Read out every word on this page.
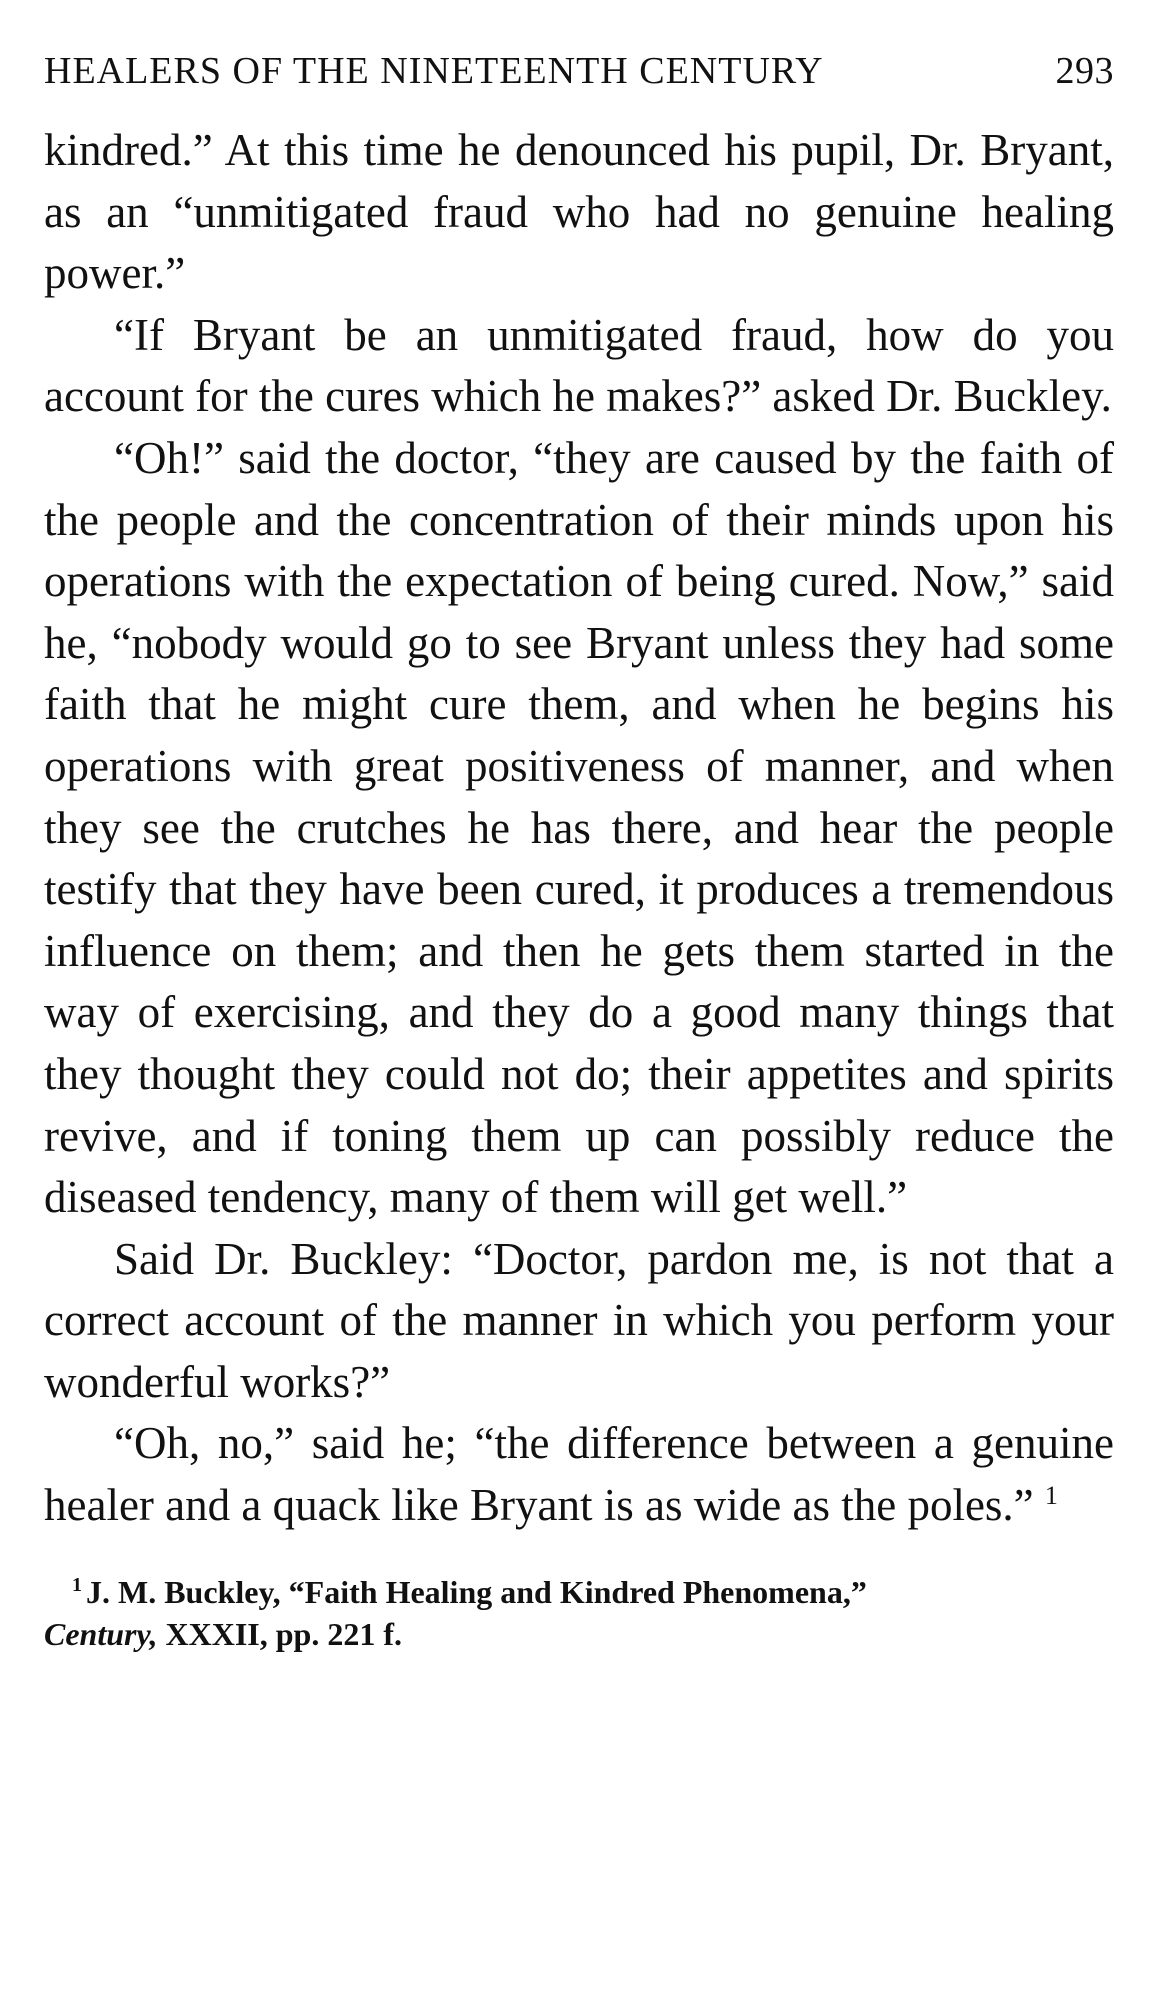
HEALERS OF THE NINETEENTH CENTURY	293

kindred.” At this time he denounced his pupil, Dr. Bryant, as an “unmitigated fraud who had no genuine healing power.”

“If Bryant be an unmitigated fraud, how do you account for the cures which he makes?” asked Dr. Buckley.

“Oh!” said the doctor, “they are caused by the faith of the people and the concentration of their minds upon his operations with the expectation of being cured. Now,” said he, “nobody would go to see Bryant unless they had some faith that he might cure them, and when he begins his operations with great positiveness of manner, and when they see the crutches he has there, and hear the people testify that they have been cured, it produces a tremendous influence on them; and then he gets them started in the way of exercising, and they do a good many things that they thought they could not do; their appetites and spirits revive, and if toning them up can possibly reduce the diseased tendency, many of them will get well.”

Said Dr. Buckley: “Doctor, pardon me, is not that a correct account of the manner in which you perform your wonderful works?”

“Oh, no,” said he; “the difference between a genuine healer and a quack like Bryant is as wide as the poles.” $^1$

$^1$ J. M. Buckley, “Faith Healing and Kindred Phenomena,”
Century, XXXII, pp. 221 f.
